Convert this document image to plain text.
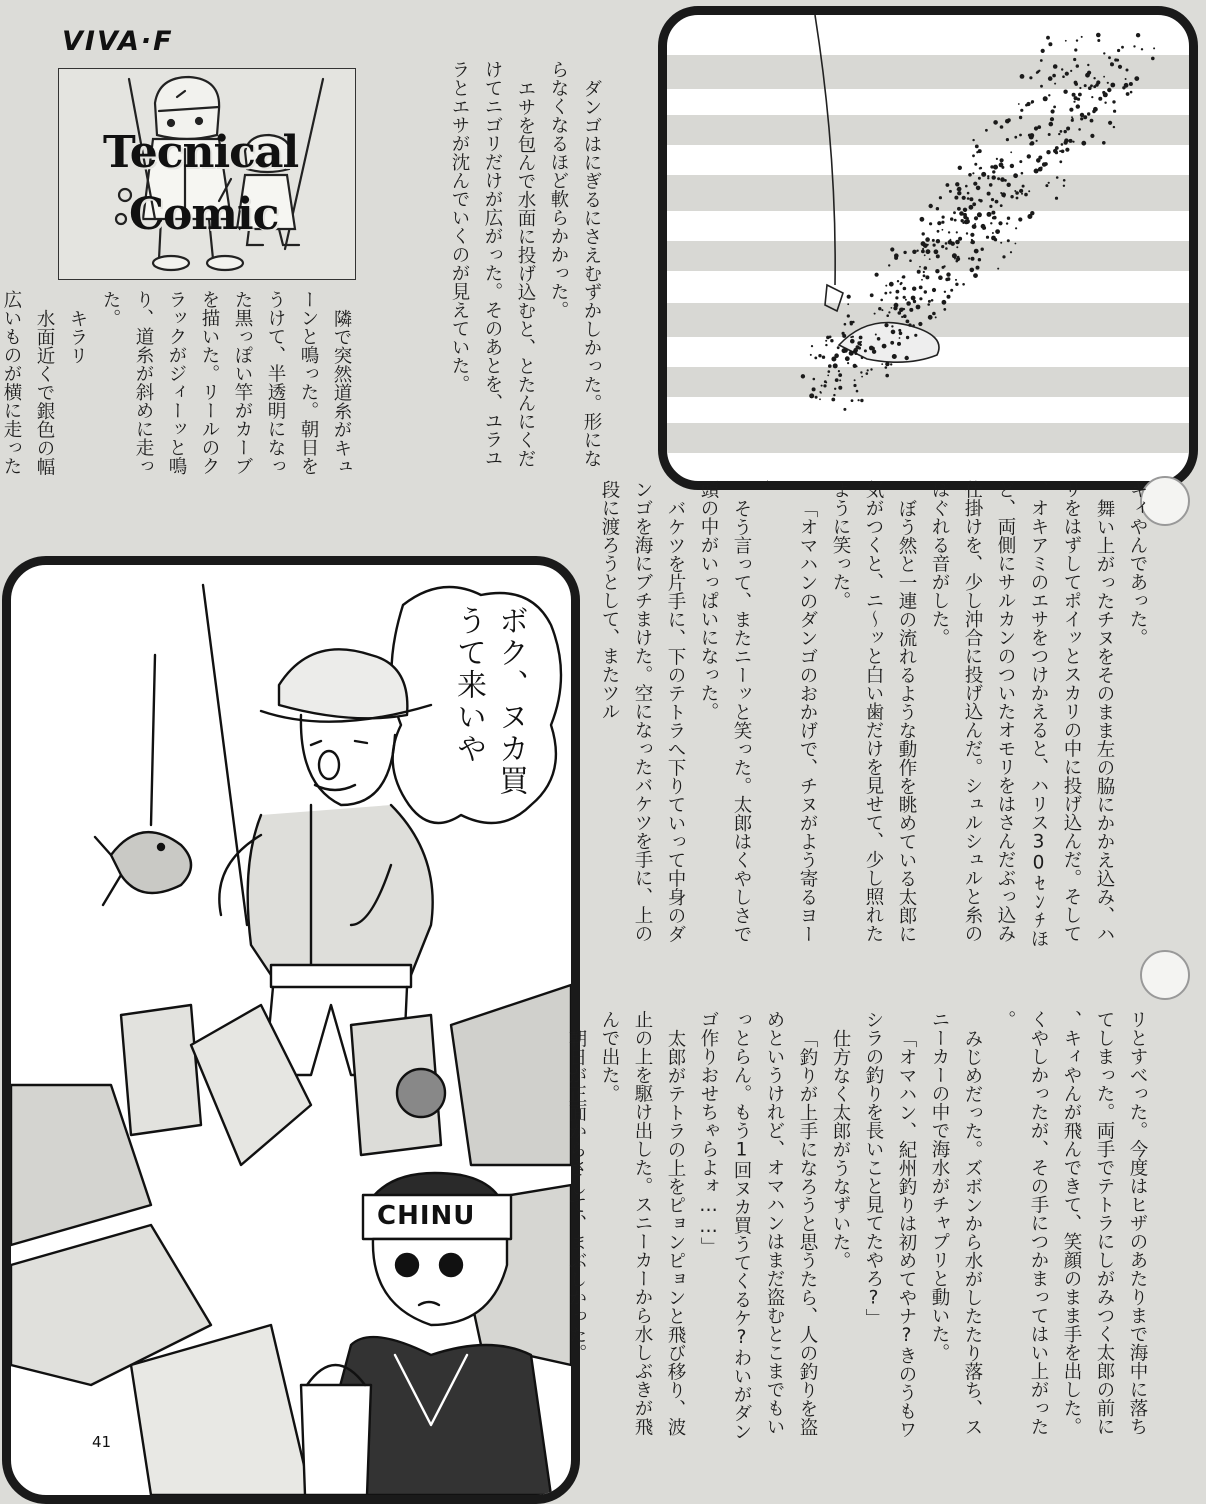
VIVA·F
Tecnical
Comic
ボク、ヌカ買うて来いや
CHINU

キィやんであった。

舞い上がったチヌをそのまま左の脇にかかえ込み、ハリをはずしてポイッとスカリの中に投げ込んだ。そして、オキアミのエサをつけかえると、ハリス30ｾﾝﾁほど、両側にサルカンのついたオモリをはさんだぶっ込み仕掛けを、少し沖合に投げ込んだ。シュルシュルと糸のほぐれる音がした。

ぼう然と一連の流れるような動作を眺めている太郎に気がつくと、ニ～ッと白い歯だけを見せて、少し照れたように笑った。

「オマハンのダンゴのおかげで、チヌがよう寄るヨー」

そう言って、またニーッと笑った。太郎はくやしさで頭の中がいっぱいになった。

バケツを片手に、下のテトラへ下りていって中身のダンゴを海にブチまけた。空になったバケツを手に、上の段に渡ろうとして、またツル

リとすべった。今度はヒザのあたりまで海中に落ちてしまった。両手でテトラにしがみつく太郎の前に、キィやんが飛んできて、笑顔のまま手を出した。くやしかったが、その手につかまってはい上がった。

みじめだった。ズボンから水がしたたり落ち、スニーカーの中で海水がチャプリと動いた。

「オマハン、紀州釣りは初めてやナ?きのうもワシラの釣りを長いこと見てたやろ?」

仕方なく太郎がうなずいた。

「釣りが上手になろうと思うたら、人の釣りを盗めというけれど、オマハンはまだ盗むとこまでもいっとらん。もう1回ヌカ買うてくるケ?わいがダンゴ作りおせちゃらよォ……」

太郎がテトラの上をピョンピョンと飛び移り、波止の上を駆け出した。スニーカーから水しぶきが飛んで出た。

朝日が正面からさして、まぶしかった。

41

ダンゴはにぎるにさえむずかしかった。形にならなくなるほど軟らかかった。

エサを包んで水面に投げ込むと、とたんにくだけてニゴリだけが広がった。そのあとを、ユラユラとエサが沈んでいくのが見えていた。

隣で突然道糸がキューンと鳴った。朝日をうけて、半透明になった黒っぽい竿がカーブを描いた。リールのクラックがジィーッと鳴り、道糸が斜めに走った。

キラリ

水面近くで銀色の幅広いものが横に走った
